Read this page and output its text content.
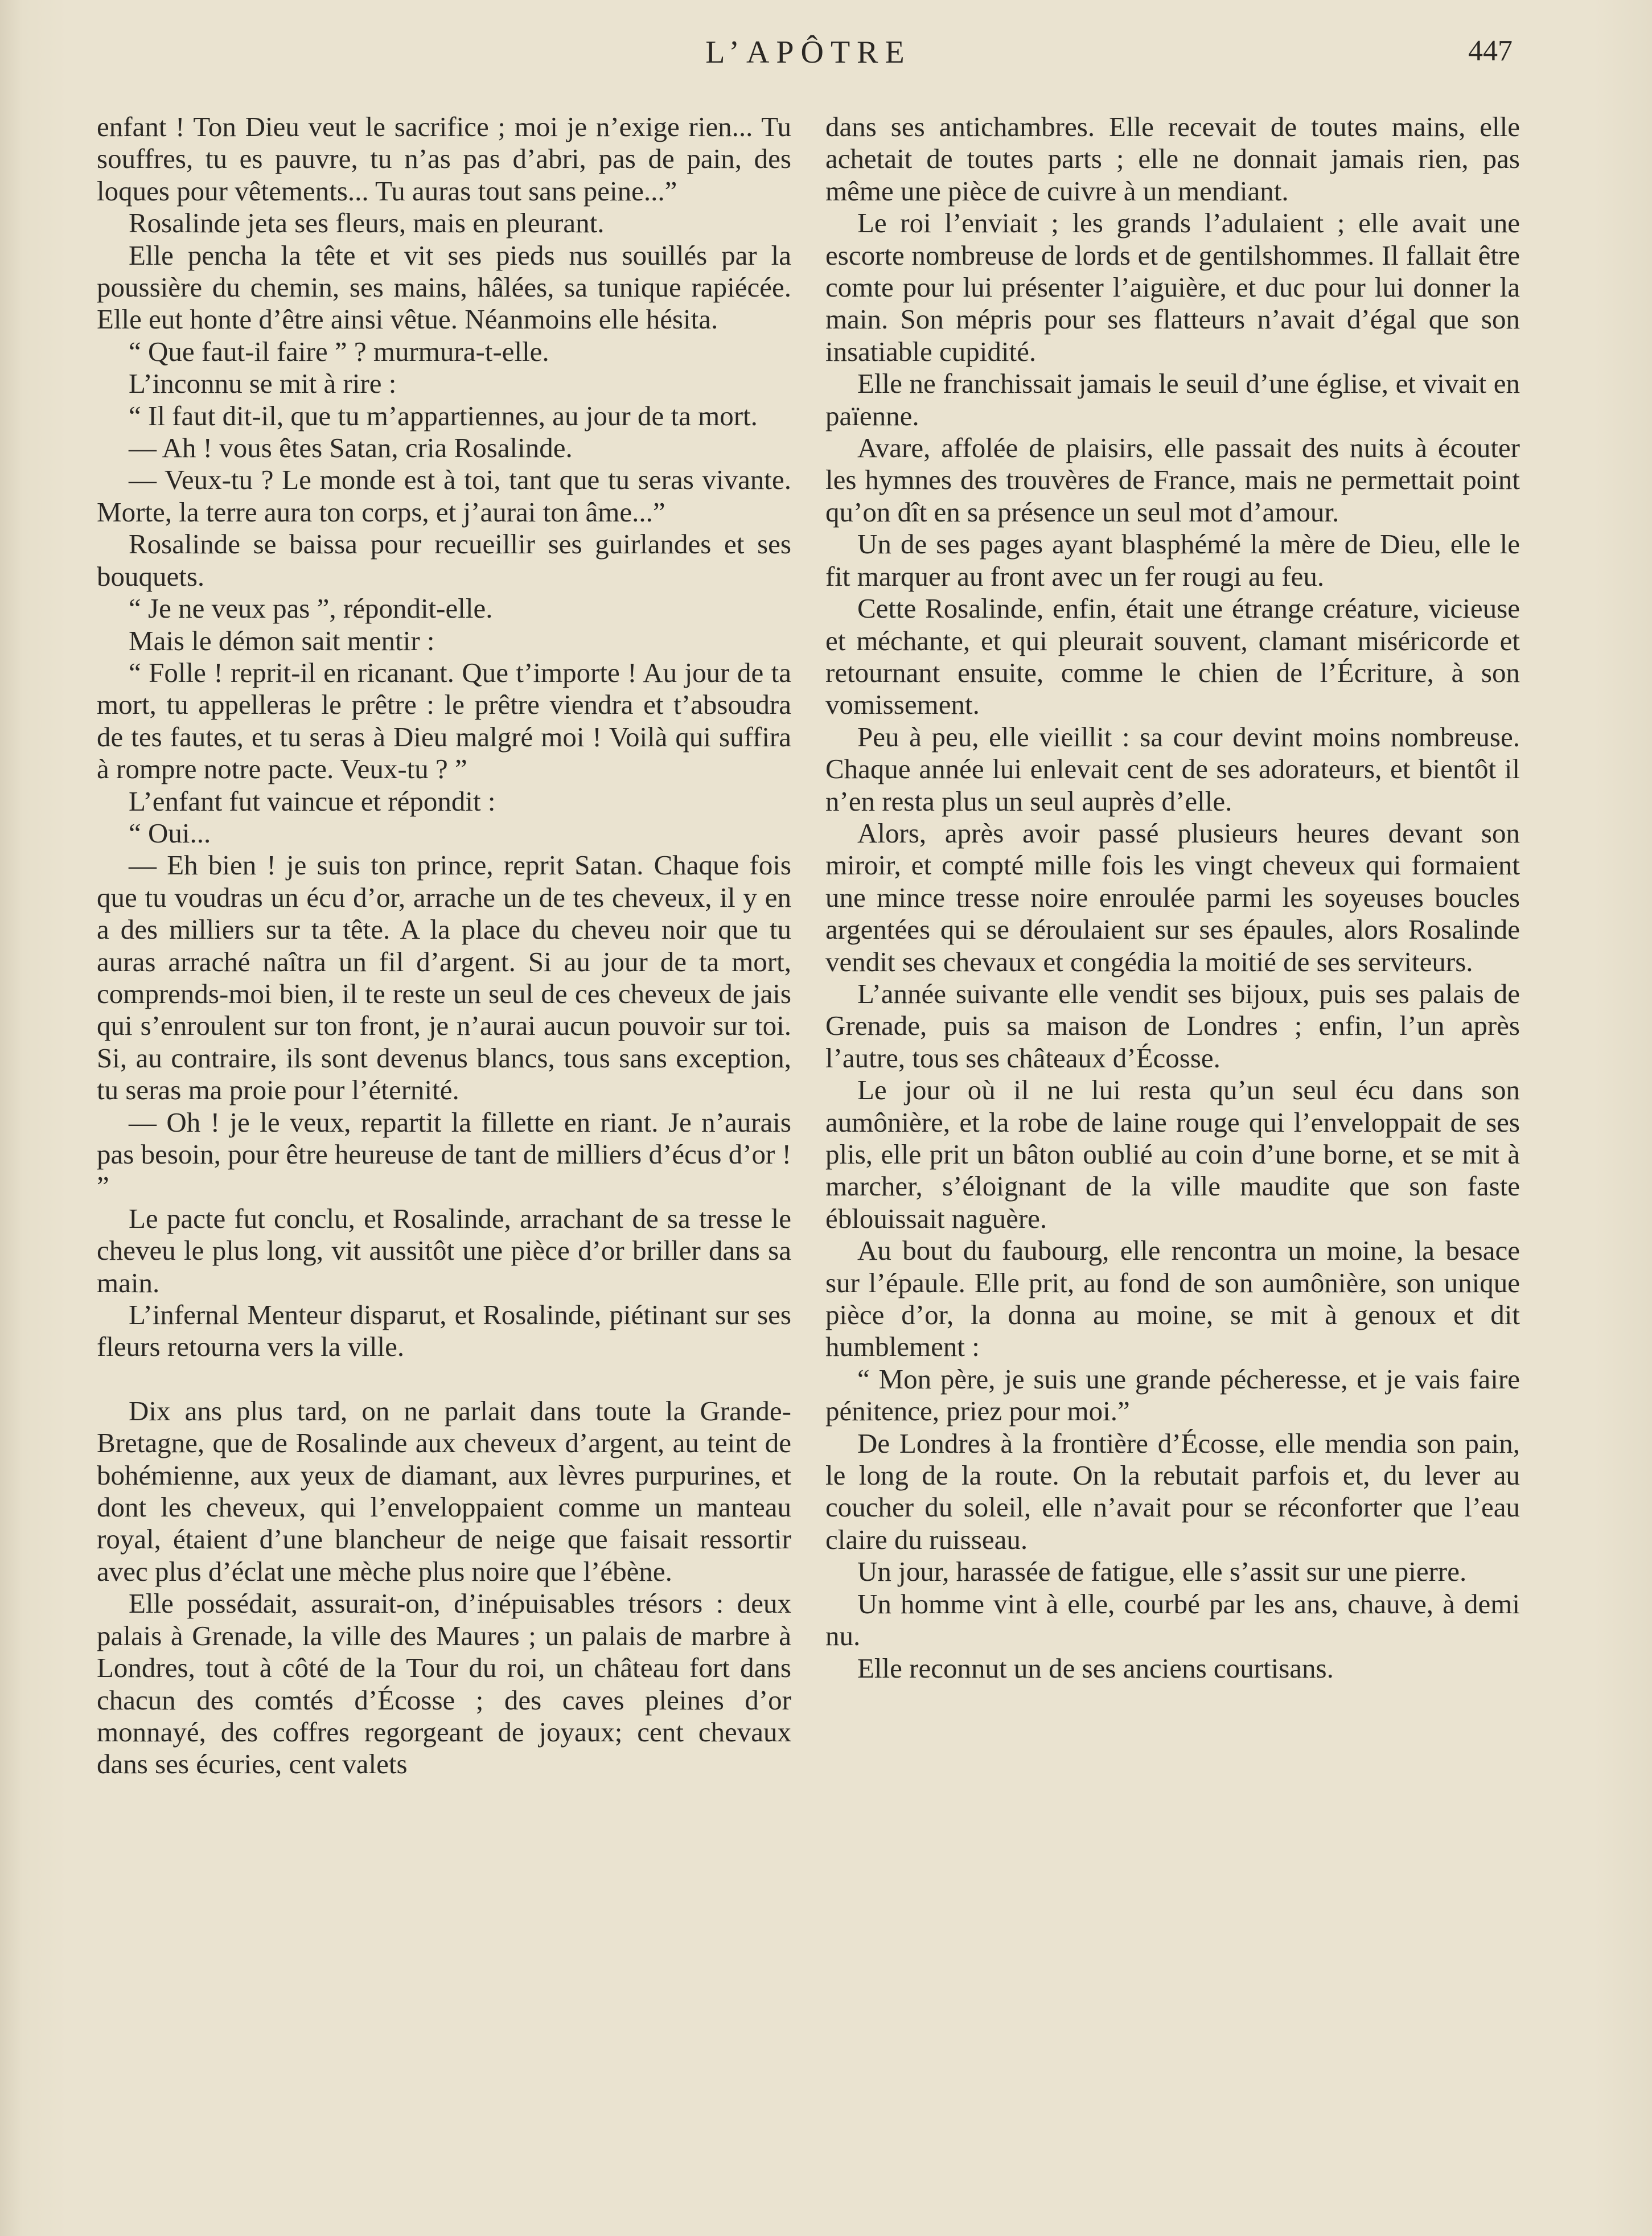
L’APÔTRE	447

enfant ! Ton Dieu veut le sacrifice ; moi je n’exige rien... Tu souffres, tu es pauvre, tu n’as pas d’abri, pas de pain, des loques pour vêtements... Tu auras tout sans peine...”

Rosalinde jeta ses fleurs, mais en pleurant.

Elle pencha la tête et vit ses pieds nus souillés par la poussière du chemin, ses mains, hâlées, sa tunique rapiécée. Elle eut honte d’être ainsi vêtue. Néanmoins elle hésita.

“ Que faut-il faire ” ? murmura-t-elle.

L’inconnu se mit à rire :

“ Il faut dit-il, que tu m’appartiennes, au jour de ta mort.

— Ah ! vous êtes Satan, cria Rosalinde.

— Veux-tu ? Le monde est à toi, tant que tu seras vivante. Morte, la terre aura ton corps, et j’aurai ton âme...”

Rosalinde se baissa pour recueillir ses guirlandes et ses bouquets.

“ Je ne veux pas ”, répondit-elle.

Mais le démon sait mentir :

“ Folle ! reprit-il en ricanant. Que t’importe ! Au jour de ta mort, tu appelleras le prêtre : le prêtre viendra et t’absoudra de tes fautes, et tu seras à Dieu malgré moi ! Voilà qui suffira à rompre notre pacte. Veux-tu ? ”

L’enfant fut vaincue et répondit :

“ Oui...

— Eh bien ! je suis ton prince, reprit Satan. Chaque fois que tu voudras un écu d’or, arrache un de tes cheveux, il y en a des milliers sur ta tête. A la place du cheveu noir que tu auras arraché naîtra un fil d’argent. Si au jour de ta mort, comprends-moi bien, il te reste un seul de ces cheveux de jais qui s’enroulent sur ton front, je n’aurai aucun pouvoir sur toi. Si, au contraire, ils sont devenus blancs, tous sans exception, tu seras ma proie pour l’éternité.

— Oh ! je le veux, repartit la fillette en riant. Je n’aurais pas besoin, pour être heureuse de tant de milliers d’écus d’or ! ”

Le pacte fut conclu, et Rosalinde, arrachant de sa tresse le cheveu le plus long, vit aussitôt une pièce d’or briller dans sa main.

L’infernal Menteur disparut, et Rosalinde, piétinant sur ses fleurs retourna vers la ville.

Dix ans plus tard, on ne parlait dans toute la Grande-Bretagne, que de Rosalinde aux cheveux d’argent, au teint de bohémienne, aux yeux de diamant, aux lèvres purpurines, et dont les cheveux, qui l’enveloppaient comme un manteau royal, étaient d’une blancheur de neige que faisait ressortir avec plus d’éclat une mèche plus noire que l’ébène.

Elle possédait, assurait-on, d’inépuisables trésors : deux palais à Grenade, la ville des Maures ; un palais de marbre à Londres, tout à côté de la Tour du roi, un château fort dans chacun des comtés d’Écosse ; des caves pleines d’or monnayé, des coffres regorgeant de joyaux; cent chevaux dans ses écuries, cent valets

dans ses antichambres. Elle recevait de toutes mains, elle achetait de toutes parts ; elle ne donnait jamais rien, pas même une pièce de cuivre à un mendiant.

Le roi l’enviait ; les grands l’adulaient ; elle avait une escorte nombreuse de lords et de gentilshommes. Il fallait être comte pour lui présenter l’aiguière, et duc pour lui donner la main. Son mépris pour ses flatteurs n’avait d’égal que son insatiable cupidité.

Elle ne franchissait jamais le seuil d’une église, et vivait en païenne.

Avare, affolée de plaisirs, elle passait des nuits à écouter les hymnes des trouvères de France, mais ne permettait point qu’on dît en sa présence un seul mot d’amour.

Un de ses pages ayant blasphémé la mère de Dieu, elle le fit marquer au front avec un fer rougi au feu.

Cette Rosalinde, enfin, était une étrange créature, vicieuse et méchante, et qui pleurait souvent, clamant miséricorde et retournant ensuite, comme le chien de l’Écriture, à son vomissement.

Peu à peu, elle vieillit : sa cour devint moins nombreuse. Chaque année lui enlevait cent de ses adorateurs, et bientôt il n’en resta plus un seul auprès d’elle.

Alors, après avoir passé plusieurs heures devant son miroir, et compté mille fois les vingt cheveux qui formaient une mince tresse noire enroulée parmi les soyeuses boucles argentées qui se déroulaient sur ses épaules, alors Rosalinde vendit ses chevaux et congédia la moitié de ses serviteurs.

L’année suivante elle vendit ses bijoux, puis ses palais de Grenade, puis sa maison de Londres ; enfin, l’un après l’autre, tous ses châteaux d’Écosse.

Le jour où il ne lui resta qu’un seul écu dans son aumônière, et la robe de laine rouge qui l’enveloppait de ses plis, elle prit un bâton oublié au coin d’une borne, et se mit à marcher, s’éloignant de la ville maudite que son faste éblouissait naguère.

Au bout du faubourg, elle rencontra un moine, la besace sur l’épaule. Elle prit, au fond de son aumônière, son unique pièce d’or, la donna au moine, se mit à genoux et dit humblement :

“ Mon père, je suis une grande pécheresse, et je vais faire pénitence, priez pour moi.”

De Londres à la frontière d’Écosse, elle mendia son pain, le long de la route. On la rebutait parfois et, du lever au coucher du soleil, elle n’avait pour se réconforter que l’eau claire du ruisseau.

Un jour, harassée de fatigue, elle s’assit sur une pierre.

Un homme vint à elle, courbé par les ans, chauve, à demi nu.

Elle reconnut un de ses anciens courtisans.
